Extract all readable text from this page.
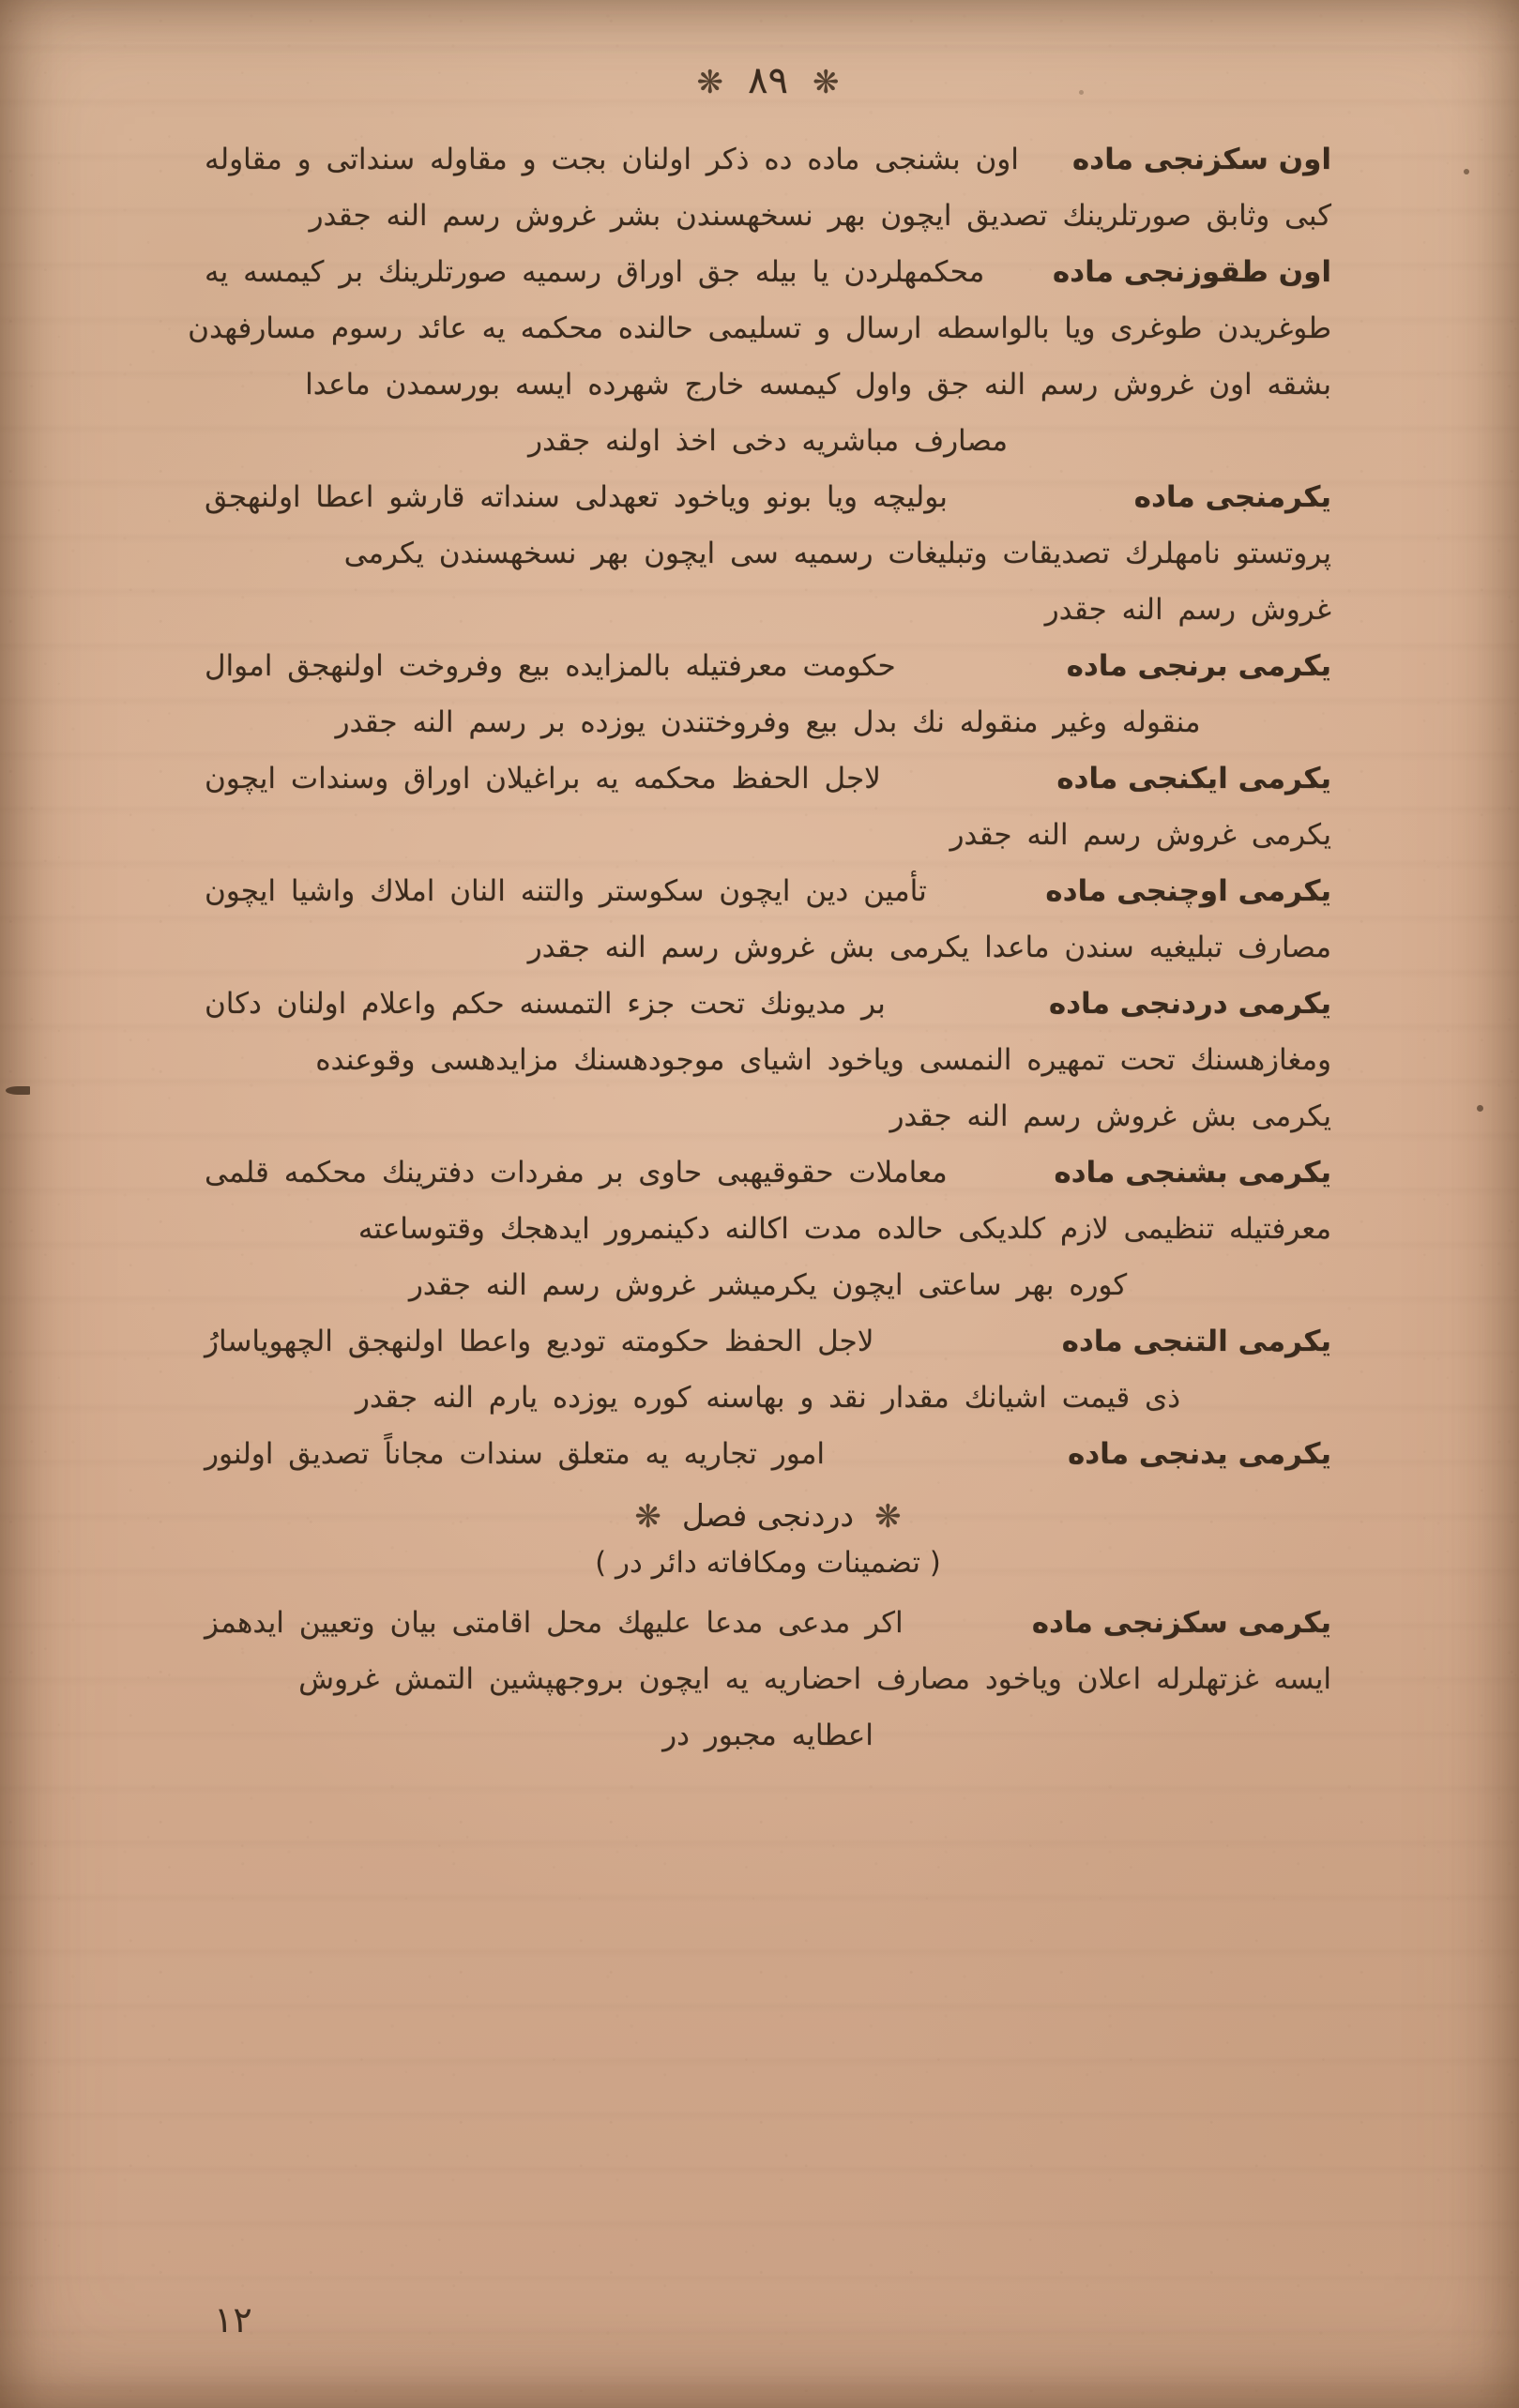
❋
٨٩
❋
اون سكزنجی ماده
اون بشنجی ماده ده ذکر اولنان بجت و مقاوله سنداتی و مقاوله
كبی وثابق صورتلرينك تصديق ايچون بهر نسخهسندن بشر غروش رسم النه جقدر
اون طقوزنجی ماده
محكمهلردن يا بيله جق اوراق رسميه صورتلرينك بر كيمسه يه
طوغريدن طوغری ويا بالواسطه ارسال و تسليمی حالنده محكمه يه عائد رسوم مسارفهدن
بشقه اون غروش رسم النه جق واول كيمسه خارج شهرده ايسه بورسمدن ماعدا
مصارف مباشريه دخی اخذ اولنه جقدر
يكرمنجی ماده
بوليچه ويا بونو وياخود تعهدلی سنداته قارشو اعطا اولنهجق
پروتستو نامهلرك تصديقات وتبليغات رسميه سی ايچون بهر نسخهسندن يكرمی
غروش رسم النه جقدر
يكرمی برنجی ماده
حكومت معرفتيله بالمزايده بيع وفروخت اولنهجق اموال
منقوله وغير منقوله نك بدل بيع وفروختندن يوزده بر رسم النه جقدر
يكرمی ايكنجی ماده
لاجل الحفظ محكمه يه براغيلان اوراق وسندات ايچون
يكرمی غروش رسم النه جقدر
يكرمی اوچنجی ماده
تأمين دين ايچون سكوستر والتنه النان املاك واشيا ايچون
مصارف تبليغيه سندن ماعدا يكرمی بش غروش رسم النه جقدر
يكرمی دردنجی ماده
بر مديونك تحت جزء التمسنه حكم واعلام اولنان دكان
ومغازهسنك تحت تمهيره النمسی وياخود اشيای موجودهسنك مزايدهسی وقوعنده
يكرمی بش غروش رسم النه جقدر
يكرمی بشنجی ماده
معاملات حقوقيهبی حاوی بر مفردات دفترينك محكمه قلمی
معرفتيله تنظيمی لازم كلديكی حالده مدت اكالنه دكينمرور ايدهجك وقتوساعته
كوره بهر ساعتی ايچون يكرمیشر غروش رسم النه جقدر
يكرمی التنجی ماده
لاجل الحفظ حكومته توديع واعطا اولنهجق الچهوياسارُ
ذی قيمت اشيانك مقدار نقد و بهاسنه كوره يوزده يارم النه جقدر
يكرمی يدنجی ماده
امور تجاريه يه متعلق سندات مجاناً تصديق اولنور
❋
دردنجی فصل
❋
( تضمينات ومكافاته دائر در )
يكرمی سكزنجی ماده
اكر مدعی مدعا عليهك محل اقامتی بيان وتعيين ايدهمز
ايسه غزتهلرله اعلان وياخود مصارف احضاريه يه ايچون بروجهپشين التمش غروش
اعطايه مجبور در
١٢
